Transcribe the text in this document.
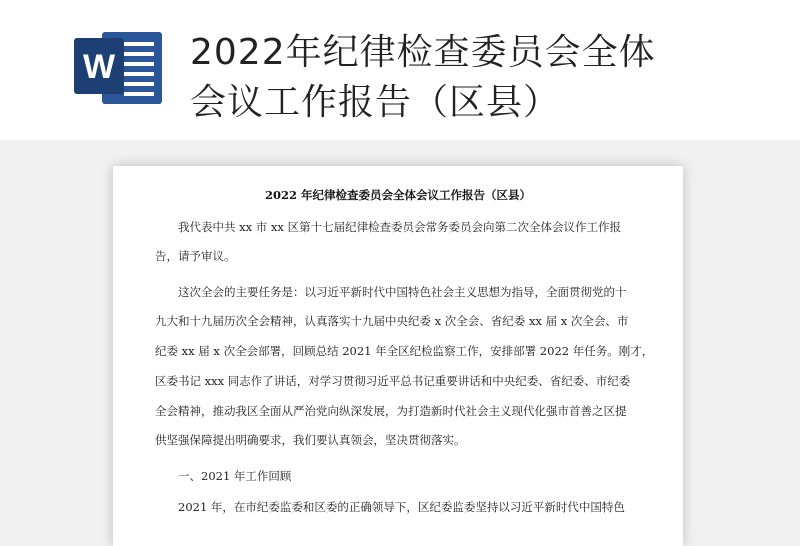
W 2022年纪律检查委员会全体
会议工作报告（区县）
2022 年纪律检查委员会全体会议工作报告（区县）
　　我代表中共 xx 市 xx 区第十七届纪律检查委员会常务委员会向第二次全体会议作工作报
告，请予审议。
　　这次全会的主要任务是：以习近平新时代中国特色社会主义思想为指导，全面贯彻党的十
九大和十九届历次全会精神，认真落实十九届中央纪委 x 次全会、省纪委 xx 届 x 次全会、市
纪委 xx 届 x 次全会部署，回顾总结 2021 年全区纪检监察工作，安排部署 2022 年任务。刚才，
区委书记 xxx 同志作了讲话，对学习贯彻习近平总书记重要讲话和中央纪委、省纪委、市纪委
全会精神，推动我区全面从严治党向纵深发展，为打造新时代社会主义现代化强市首善之区提
供坚强保障提出明确要求，我们要认真领会，坚决贯彻落实。
　　一、2021 年工作回顾
　　2021 年，在市纪委监委和区委的正确领导下，区纪委监委坚持以习近平新时代中国特色
